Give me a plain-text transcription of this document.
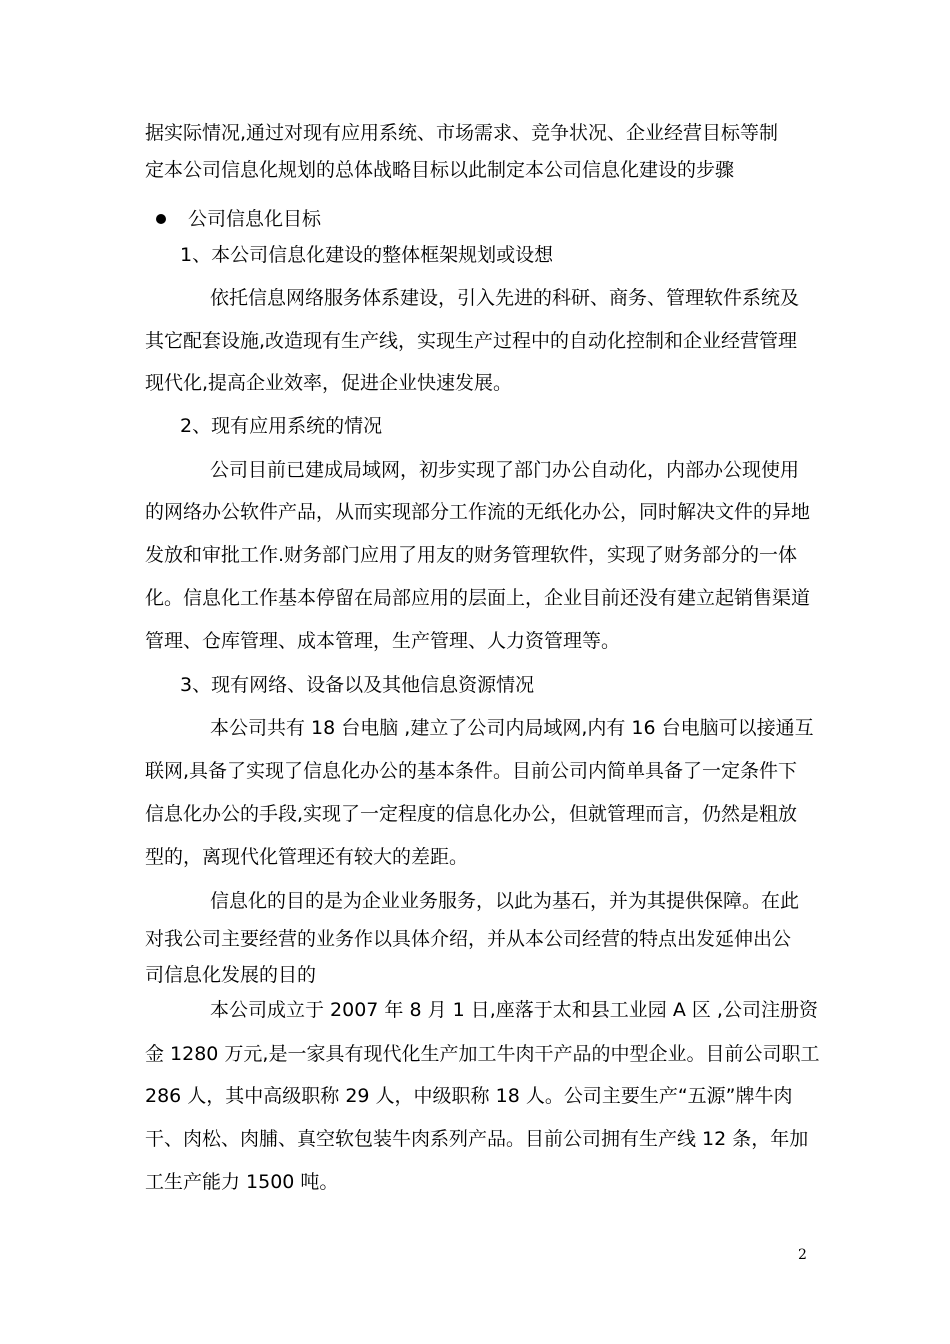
据实际情况,通过对现有应用系统、市场需求、竞争状况、企业经营目标等制
定本公司信息化规划的总体战略目标以此制定本公司信息化建设的步骤
公司信息化目标
1、本公司信息化建设的整体框架规划或设想
依托信息网络服务体系建设，引入先进的科研、商务、管理软件系统及
其它配套设施,改造现有生产线，实现生产过程中的自动化控制和企业经营管理
现代化,提高企业效率，促进企业快速发展。
2、现有应用系统的情况
公司目前已建成局域网，初步实现了部门办公自动化，内部办公现使用
的网络办公软件产品，从而实现部分工作流的无纸化办公，同时解决文件的异地
发放和审批工作.财务部门应用了用友的财务管理软件，实现了财务部分的一体
化。信息化工作基本停留在局部应用的层面上，企业目前还没有建立起销售渠道
管理、仓库管理、成本管理，生产管理、人力资管理等。
3、现有网络、设备以及其他信息资源情况
本公司共有 18 台电脑 ,建立了公司内局域网,内有 16 台电脑可以接通互
联网,具备了实现了信息化办公的基本条件。目前公司内简单具备了一定条件下
信息化办公的手段,实现了一定程度的信息化办公，但就管理而言，仍然是粗放
型的，离现代化管理还有较大的差距。
信息化的目的是为企业业务服务，以此为基石，并为其提供保障。在此
对我公司主要经营的业务作以具体介绍，并从本公司经营的特点出发延伸出公
司信息化发展的目的
本公司成立于 2007 年 8 月 1 日,座落于太和县工业园 A 区 ,公司注册资
金 1280 万元,是一家具有现代化生产加工牛肉干产品的中型企业。目前公司职工
286 人，其中高级职称 29 人，中级职称 18 人。公司主要生产“五源”牌牛肉
干、肉松、肉脯、真空软包装牛肉系列产品。目前公司拥有生产线 12 条，年加
工生产能力 1500 吨。
2
